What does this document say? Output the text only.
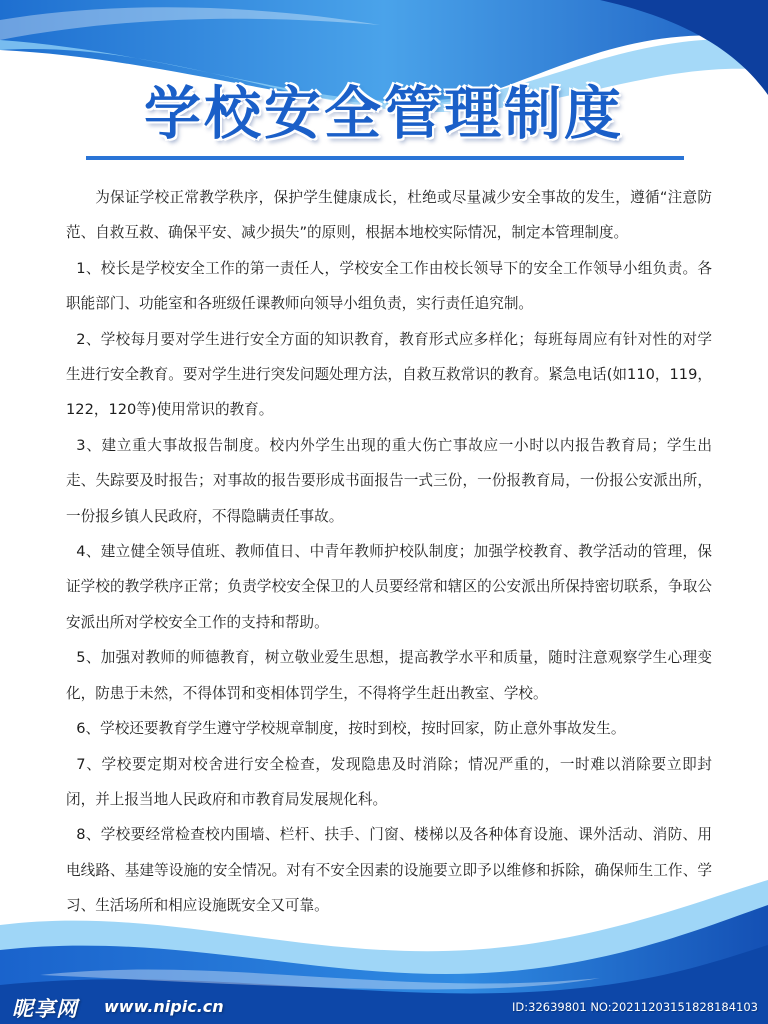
学校安全管理制度

为保证学校正常教学秩序，保护学生健康成长，杜绝或尽量减少安全事故的发生，遵循“注意防范、自救互救、确保平安、减少损失”的原则，根据本地校实际情况，制定本管理制度。

1、校长是学校安全工作的第一责任人，学校安全工作由校长领导下的安全工作领导小组负责。各职能部门、功能室和各班级任课教师向领导小组负责，实行责任追究制。

2、学校每月要对学生进行安全方面的知识教育，教育形式应多样化；每班每周应有针对性的对学生进行安全教育。要对学生进行突发问题处理方法，自救互救常识的教育。紧急电话(如110，119，122，120等)使用常识的教育。

3、建立重大事故报告制度。校内外学生出现的重大伤亡事故应一小时以内报告教育局；学生出走、失踪要及时报告；对事故的报告要形成书面报告一式三份，一份报教育局，一份报公安派出所，一份报乡镇人民政府，不得隐瞒责任事故。

4、建立健全领导值班、教师值日、中青年教师护校队制度；加强学校教育、教学活动的管理，保证学校的教学秩序正常；负责学校安全保卫的人员要经常和辖区的公安派出所保持密切联系，争取公安派出所对学校安全工作的支持和帮助。

5、加强对教师的师德教育，树立敬业爱生思想，提高教学水平和质量，随时注意观察学生心理变化，防患于未然，不得体罚和变相体罚学生，不得将学生赶出教室、学校。

6、学校还要教育学生遵守学校规章制度，按时到校，按时回家，防止意外事故发生。

7、学校要定期对校舍进行安全检查，发现隐患及时消除；情况严重的，一时难以消除要立即封闭，并上报当地人民政府和市教育局发展规化科。

8、学校要经常检查校内围墙、栏杆、扶手、门窗、楼梯以及各种体育设施、课外活动、消防、用电线路、基建等设施的安全情况。对有不安全因素的设施要立即予以维修和拆除，确保师生工作、学习、生活场所和相应设施既安全又可靠。

昵享网 www.nipic.cn	ID:32639801 NO:20211203151828184103
